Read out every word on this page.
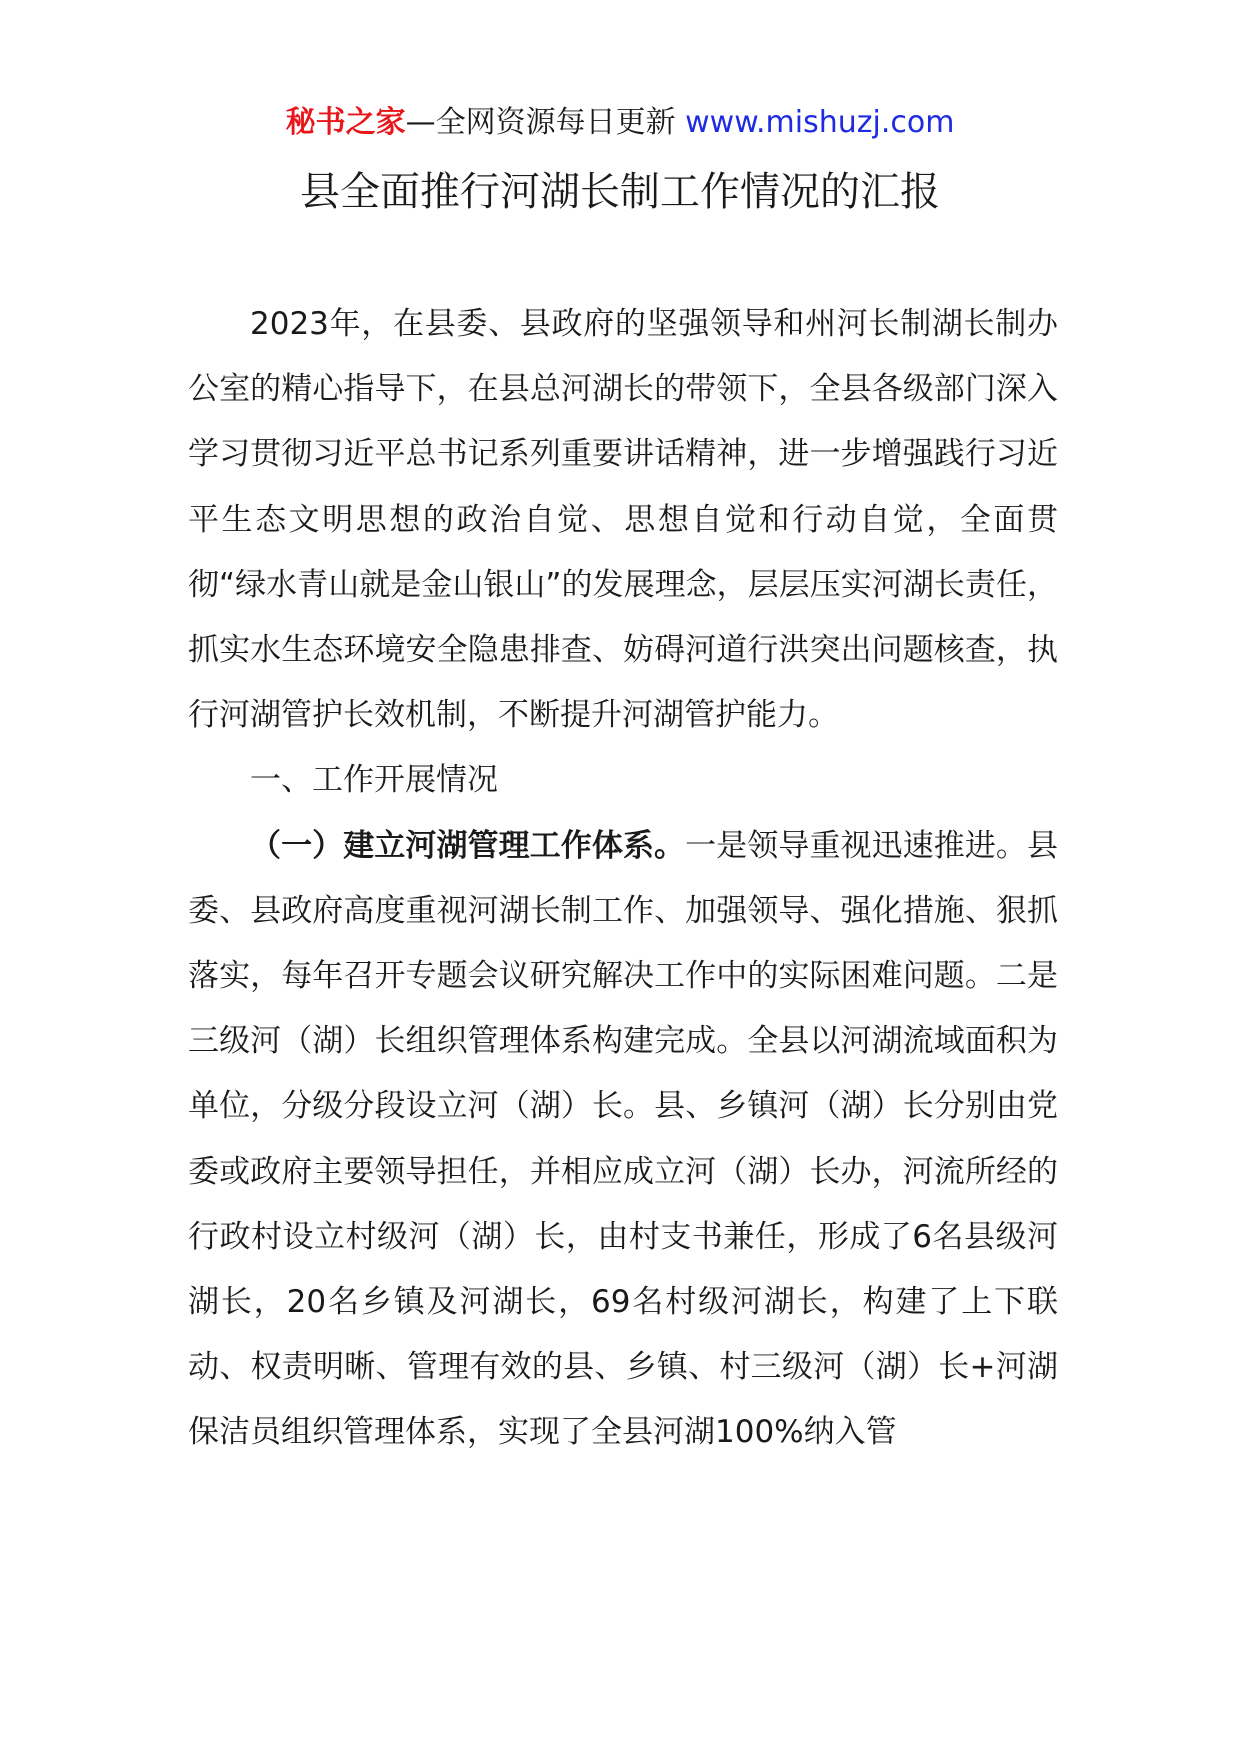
秘书之家—全网资源每日更新 www.mishuzj.com
县全面推行河湖长制工作情况的汇报

2023年，在县委、县政府的坚强领导和州河长制湖长制办公室的精心指导下，在县总河湖长的带领下，全县各级部门深入学习贯彻习近平总书记系列重要讲话精神，进一步增强践行习近平生态文明思想的政治自觉、思想自觉和行动自觉，全面贯彻“绿水青山就是金山银山”的发展理念，层层压实河湖长责任，抓实水生态环境安全隐患排查、妨碍河道行洪突出问题核查，执行河湖管护长效机制，不断提升河湖管护能力。

一、工作开展情况

（一）建立河湖管理工作体系。一是领导重视迅速推进。县委、县政府高度重视河湖长制工作、加强领导、强化措施、狠抓落实，每年召开专题会议研究解决工作中的实际困难问题。二是三级河（湖）长组织管理体系构建完成。全县以河湖流域面积为单位，分级分段设立河（湖）长。县、乡镇河（湖）长分别由党委或政府主要领导担任，并相应成立河（湖）长办，河流所经的行政村设立村级河（湖）长，由村支书兼任，形成了6名县级河湖长，20名乡镇及河湖长，69名村级河湖长，构建了上下联动、权责明晰、管理有效的县、乡镇、村三级河（湖）长+河湖保洁员组织管理体系，实现了全县河湖100%纳入管
